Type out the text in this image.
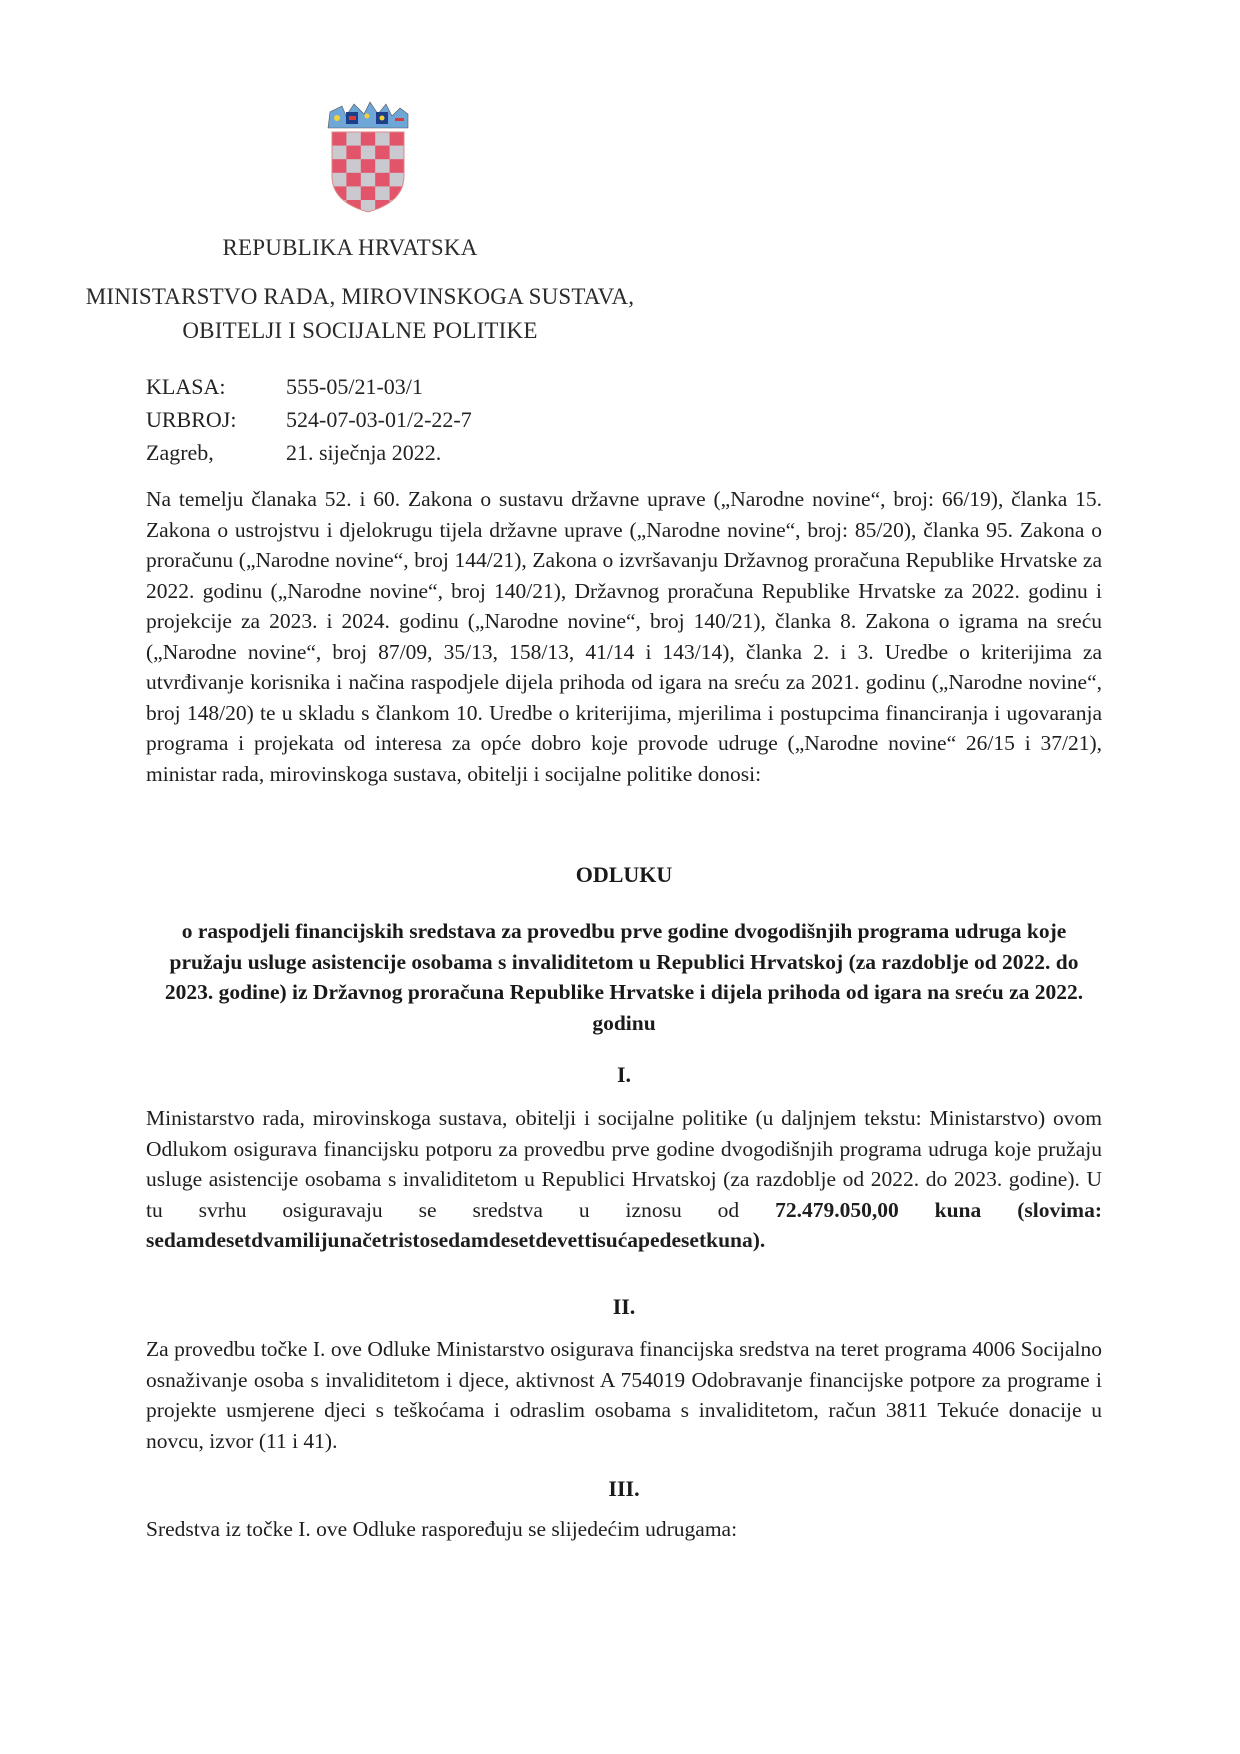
REPUBLIKA HRVATSKA
MINISTARSTVO RADA, MIROVINSKOGA SUSTAVA,
OBITELJI I SOCIJALNE POLITIKE
KLASA:	555-05/21-03/1
URBROJ:	524-07-03-01/2-22-7
Zagreb,	21. siječnja 2022.
Na temelju članaka 52. i 60. Zakona o sustavu državne uprave („Narodne novine“, broj: 66/19), članka 15. Zakona o ustrojstvu i djelokrugu tijela državne uprave („Narodne novine“, broj: 85/20), članka 95. Zakona o proračunu („Narodne novine“, broj 144/21), Zakona o izvršavanju Državnog proračuna Republike Hrvatske za 2022. godinu („Narodne novine“, broj 140/21), Državnog proračuna Republike Hrvatske za 2022. godinu i projekcije za 2023. i 2024. godinu („Narodne novine“, broj 140/21), članka 8. Zakona o igrama na sreću („Narodne novine“, broj 87/09, 35/13, 158/13, 41/14 i 143/14), članka 2. i 3. Uredbe o kriterijima za utvrđivanje korisnika i načina raspodjele dijela prihoda od igara na sreću za 2021. godinu („Narodne novine“, broj 148/20) te u skladu s člankom 10. Uredbe o kriterijima, mjerilima i postupcima financiranja i ugovaranja programa i projekata od interesa za opće dobro koje provode udruge („Narodne novine“ 26/15 i 37/21), ministar rada, mirovinskoga sustava, obitelji i socijalne politike donosi:
ODLUKU
o raspodjeli financijskih sredstava za provedbu prve godine dvogodišnjih programa udruga koje pružaju usluge asistencije osobama s invaliditetom u Republici Hrvatskoj (za razdoblje od 2022. do 2023. godine) iz Državnog proračuna Republike Hrvatske i dijela prihoda od igara na sreću za 2022. godinu
I.
Ministarstvo rada, mirovinskoga sustava, obitelji i socijalne politike (u daljnjem tekstu: Ministarstvo) ovom Odlukom osigurava financijsku potporu za provedbu prve godine dvogodišnjih programa udruga koje pružaju usluge asistencije osobama s invaliditetom u Republici Hrvatskoj (za razdoblje od 2022. do 2023. godine). U tu svrhu osiguravaju se sredstva u iznosu od 72.479.050,00 kuna (slovima: sedamdesetdvamilijunačetristosedamdesetdevettisućapedesetkuna).
II.
Za provedbu točke I. ove Odluke Ministarstvo osigurava financijska sredstva na teret programa 4006 Socijalno osnaživanje osoba s invaliditetom i djece, aktivnost A 754019 Odobravanje financijske potpore za programe i projekte usmjerene djeci s teškoćama i odraslim osobama s invaliditetom, račun 3811 Tekuće donacije u novcu, izvor (11 i 41).
III.
Sredstva iz točke I. ove Odluke raspoređuju se slijedećim udrugama:
